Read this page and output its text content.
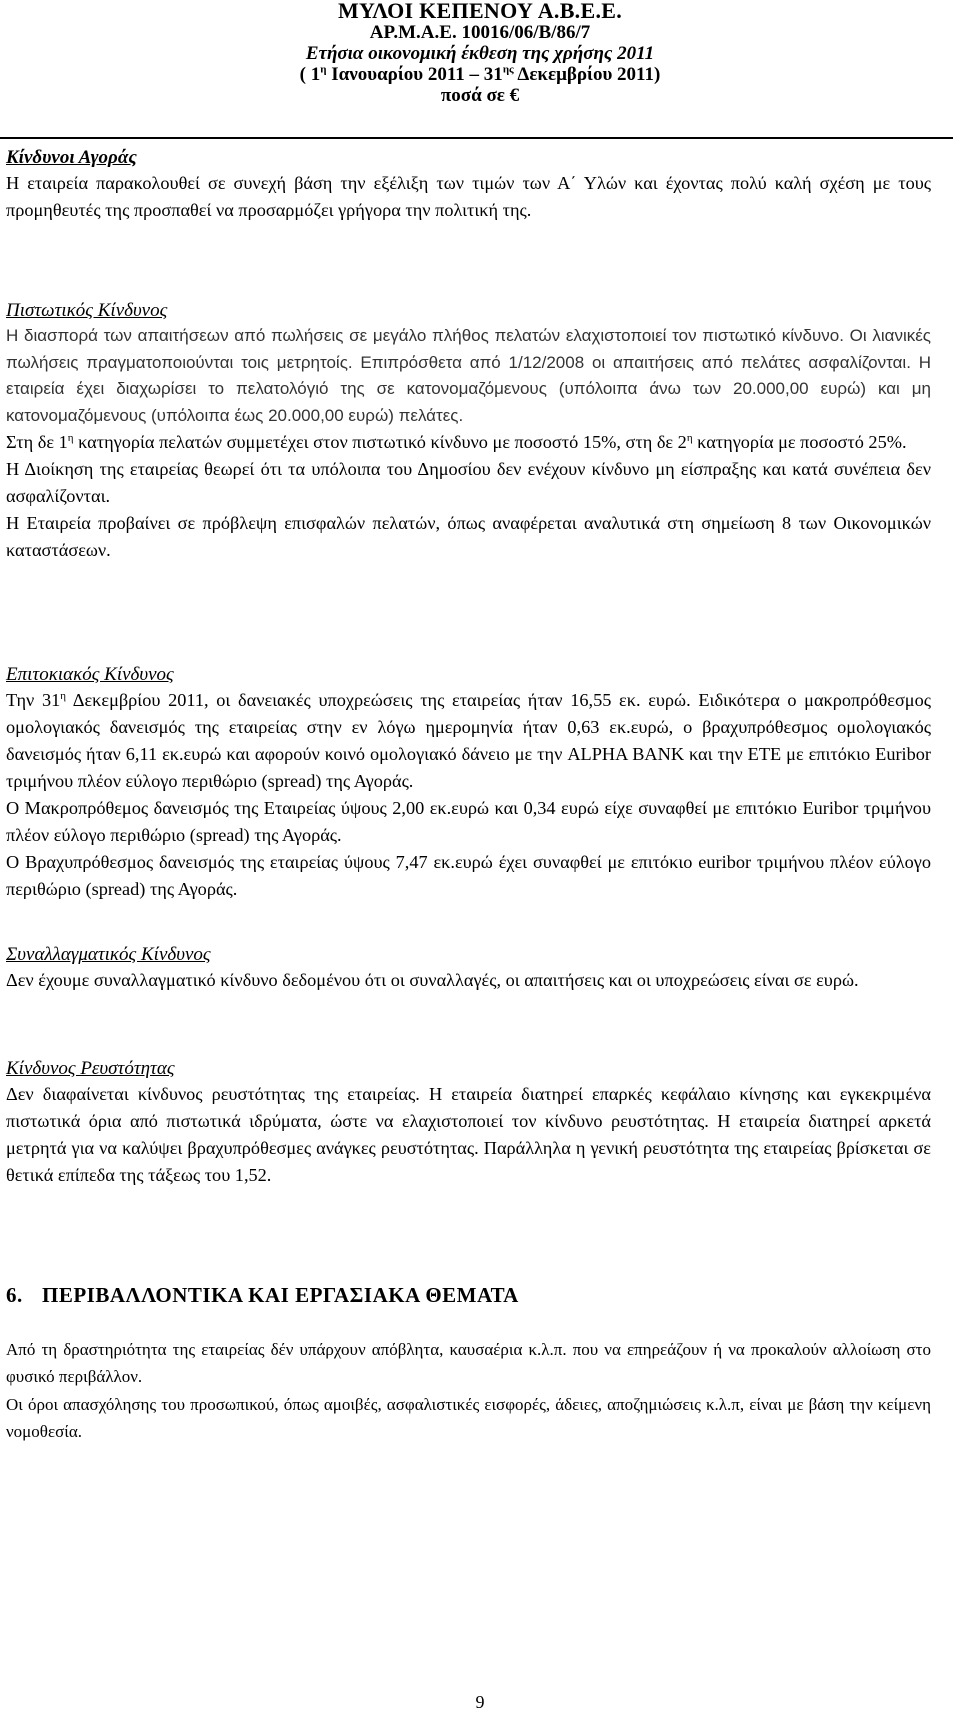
ΜΥΛΟΙ ΚΕΠΕΝΟΥ Α.Β.Ε.Ε.
ΑΡ.Μ.Α.Ε. 10016/06/Β/86/7
Ετήσια οικονομική έκθεση της χρήσης 2011
( $1^\eta$ Ιανουαρίου $2011 - 31^{\eta\varsigma}$ Δεκεμβρίου 2011)
ποσά σε €
Κίνδυνοι Αγοράς

Η εταιρεία παρακολουθεί σε συνεχή βάση την εξέλιξη των τιμών των Α΄ Υλών και έχοντας πολύ καλή σχέση με τους προμηθευτές της προσπαθεί να προσαρμόζει γρήγορα την πολιτική της.

Πιστωτικός Κίνδυνος

Η διασπορά των απαιτήσεων από πωλήσεις σε μεγάλο πλήθος πελατών ελαχιστοποιεί τον πιστωτικό κίνδυνο. Οι λιανικές πωλήσεις πραγματοποιούνται τοις μετρητοίς. Επιπρόσθετα από 1/12/2008 οι απαιτήσεις από πελάτες ασφαλίζονται. Η εταιρεία έχει διαχωρίσει το πελατολόγιό της σε κατονομαζόμενους (υπόλοιπα άνω των 20.000,00 ευρώ) και μη κατονομαζόμενους (υπόλοιπα έως 20.000,00 ευρώ) πελάτες.

Στη δε $1^\eta$ κατηγορία πελατών συμμετέχει στον πιστωτικό κίνδυνο με ποσοστό 15%, στη δε $2^\eta$ κατηγορία με ποσοστό 25%.

Η Διοίκηση της εταιρείας θεωρεί ότι τα υπόλοιπα του Δημοσίου δεν ενέχουν κίνδυνο μη είσπραξης και κατά συνέπεια δεν ασφαλίζονται.

Η Εταιρεία προβαίνει σε πρόβλεψη επισφαλών πελατών, όπως αναφέρεται αναλυτικά στη σημείωση 8 των Οικονομικών καταστάσεων.

Επιτοκιακός Κίνδυνος

Την $31^\eta$ Δεκεμβρίου 2011, οι δανειακές υποχρεώσεις της εταιρείας ήταν 16,55 εκ. ευρώ. Ειδικότερα ο μακροπρόθεσμος ομολογιακός δανεισμός της εταιρείας στην εν λόγω ημερομηνία ήταν 0,63 εκ.ευρώ, ο βραχυπρόθεσμος ομολογιακός δανεισμός ήταν 6,11 εκ.ευρώ και αφορούν κοινό ομολογιακό δάνειο με την ALPHA BANK και την ΕΤΕ με επιτόκιο Euribor τριμήνου πλέον εύλογο περιθώριο (spread) της Αγοράς.

Ο Μακροπρόθεμος δανεισμός της Εταιρείας ύψους 2,00 εκ.ευρώ και 0,34 ευρώ είχε συναφθεί με επιτόκιο Euribor τριμήνου πλέον εύλογο περιθώριο (spread) της Αγοράς.

Ο Βραχυπρόθεσμος δανεισμός της εταιρείας ύψους 7,47 εκ.ευρώ έχει συναφθεί με επιτόκιο euribor τριμήνου πλέον εύλογο περιθώριο (spread) της Αγοράς.

Συναλλαγματικός Κίνδυνος

Δεν έχουμε συναλλαγματικό κίνδυνο δεδομένου ότι οι συναλλαγές, οι απαιτήσεις και οι υποχρεώσεις είναι σε ευρώ.

Κίνδυνος Ρευστότητας

Δεν διαφαίνεται κίνδυνος ρευστότητας της εταιρείας. Η εταιρεία διατηρεί επαρκές κεφάλαιο κίνησης και εγκεκριμένα πιστωτικά όρια από πιστωτικά ιδρύματα, ώστε να ελαχιστοποιεί τον κίνδυνο ρευστότητας. Η εταιρεία διατηρεί αρκετά μετρητά για να καλύψει βραχυπρόθεσμες ανάγκες ρευστότητας. Παράλληλα η γενική ρευστότητα της εταιρείας βρίσκεται σε θετικά επίπεδα της τάξεως του 1,52.

6. ΠΕΡΙΒΑΛΛΟΝΤΙΚΑ ΚΑΙ ΕΡΓΑΣΙΑΚΑ ΘΕΜΑΤΑ

Από τη δραστηριότητα της εταιρείας δέν υπάρχουν απόβλητα, καυσαέρια κ.λ.π. που να επηρεάζουν ή να προκαλούν αλλοίωση στο φυσικό περιβάλλον.

Οι όροι απασχόλησης του προσωπικού, όπως αμοιβές, ασφαλιστικές εισφορές, άδειες, αποζημιώσεις κ.λ.π, είναι με βάση την κείμενη νομοθεσία.

9
